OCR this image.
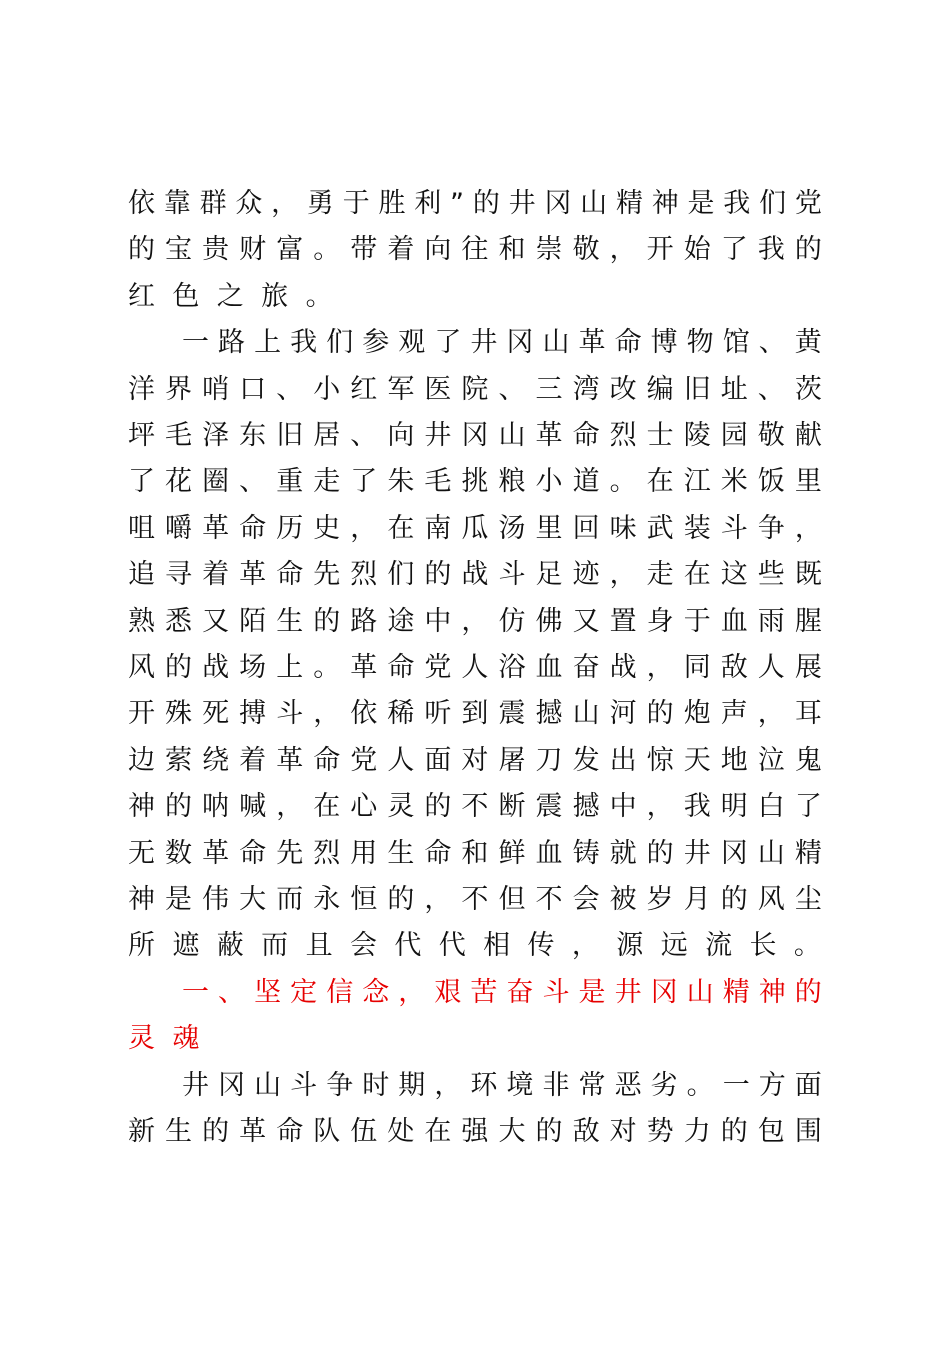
依 靠 群 众 ， 勇 于 胜 利 ” 的 井 冈 山 精 神 是 我 们 党
的 宝 贵 财 富 。 带 着 向 往 和 崇 敬 ， 开 始 了 我 的
红 色 之 旅 。
一 路 上 我 们 参 观 了 井 冈 山 革 命 博 物 馆 、 黄
洋 界 哨 口 、 小 红 军 医 院 、 三 湾 改 编 旧 址 、 茨
坪 毛 泽 东 旧 居 、 向 井 冈 山 革 命 烈 士 陵 园 敬 献
了 花 圈 、 重 走 了 朱 毛 挑 粮 小 道 。 在 江 米 饭 里
咀 嚼 革 命 历 史 ， 在 南 瓜 汤 里 回 味 武 装 斗 争 ，
追 寻 着 革 命 先 烈 们 的 战 斗 足 迹 ， 走 在 这 些 既
熟 悉 又 陌 生 的 路 途 中 ， 仿 佛 又 置 身 于 血 雨 腥
风 的 战 场 上 。 革 命 党 人 浴 血 奋 战 ， 同 敌 人 展
开 殊 死 搏 斗 ， 依 稀 听 到 震 撼 山 河 的 炮 声 ， 耳
边 萦 绕 着 革 命 党 人 面 对 屠 刀 发 出 惊 天 地 泣 鬼
神 的 呐 喊 ， 在 心 灵 的 不 断 震 撼 中 ， 我 明 白 了
无 数 革 命 先 烈 用 生 命 和 鲜 血 铸 就 的 井 冈 山 精
神 是 伟 大 而 永 恒 的 ， 不 但 不 会 被 岁 月 的 风 尘
所 遮 蔽 而 且 会 代 代 相 传 ， 源 远 流 长 。
一 、 坚 定 信 念 ， 艰 苦 奋 斗 是 井 冈 山 精 神 的
灵 魂
井 冈 山 斗 争 时 期 ， 环 境 非 常 恶 劣 。 一 方 面
新 生 的 革 命 队 伍 处 在 强 大 的 敌 对 势 力 的 包 围
